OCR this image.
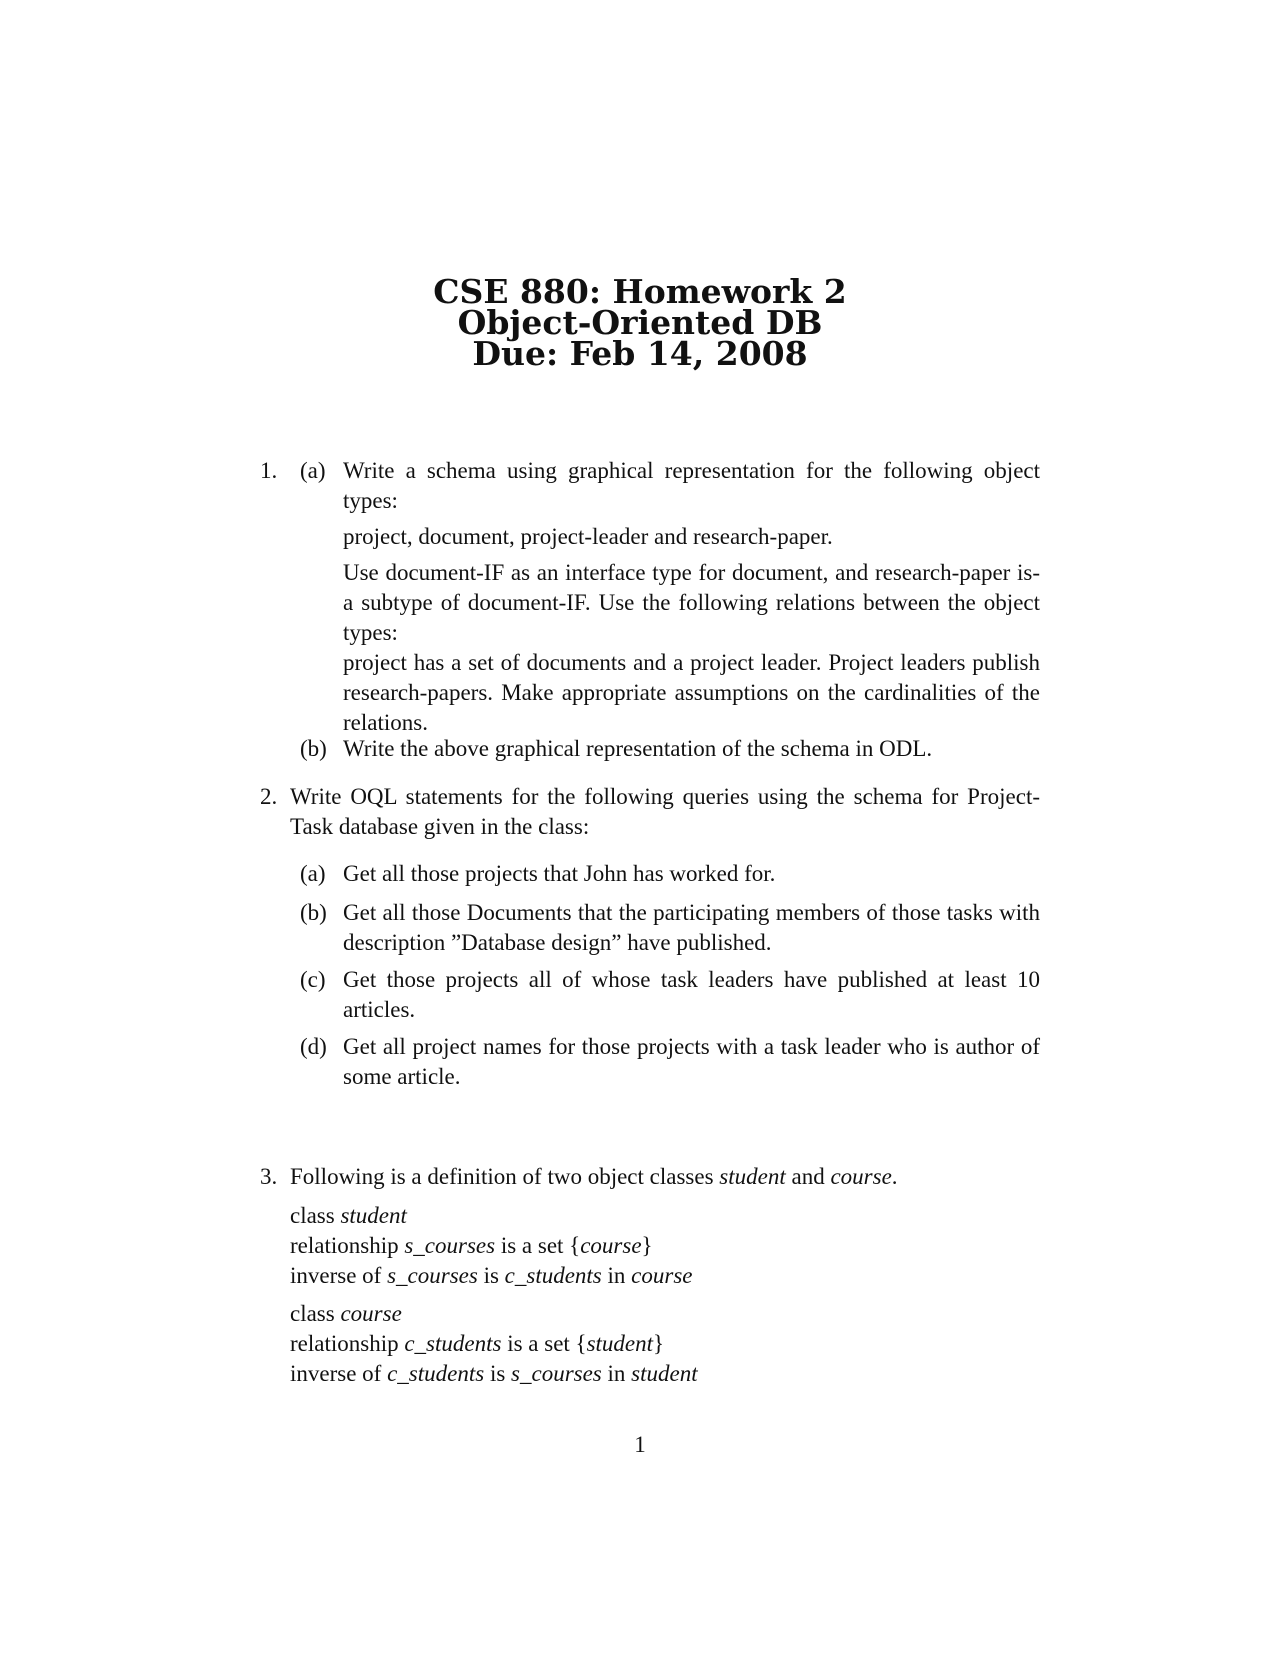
CSE 880: Homework 2
Object-Oriented DB
Due: Feb 14, 2008
1. (a) Write a schema using graphical representation for the following object types:

project, document, project-leader and research-paper.

Use document-IF as an interface type for document, and research-paper is-a subtype of document-IF. Use the following relations between the object types:

project has a set of documents and a project leader. Project leaders publish research-papers. Make appropriate assumptions on the cardinalities of the relations.

(b) Write the above graphical representation of the schema in ODL.

2. Write OQL statements for the following queries using the schema for Project-Task database given in the class:

(a) Get all those projects that John has worked for.

(b) Get all those Documents that the participating members of those tasks with description ”Database design” have published.

(c) Get those projects all of whose task leaders have published at least 10 articles.

(d) Get all project names for those projects with a task leader who is author of some article.

3. Following is a definition of two object classes student and course.

class student

relationship s_courses is a set {course}

inverse of s_courses is c_students in course

class course

relationship c_students is a set {student}

inverse of c_students is s_courses in student

1
